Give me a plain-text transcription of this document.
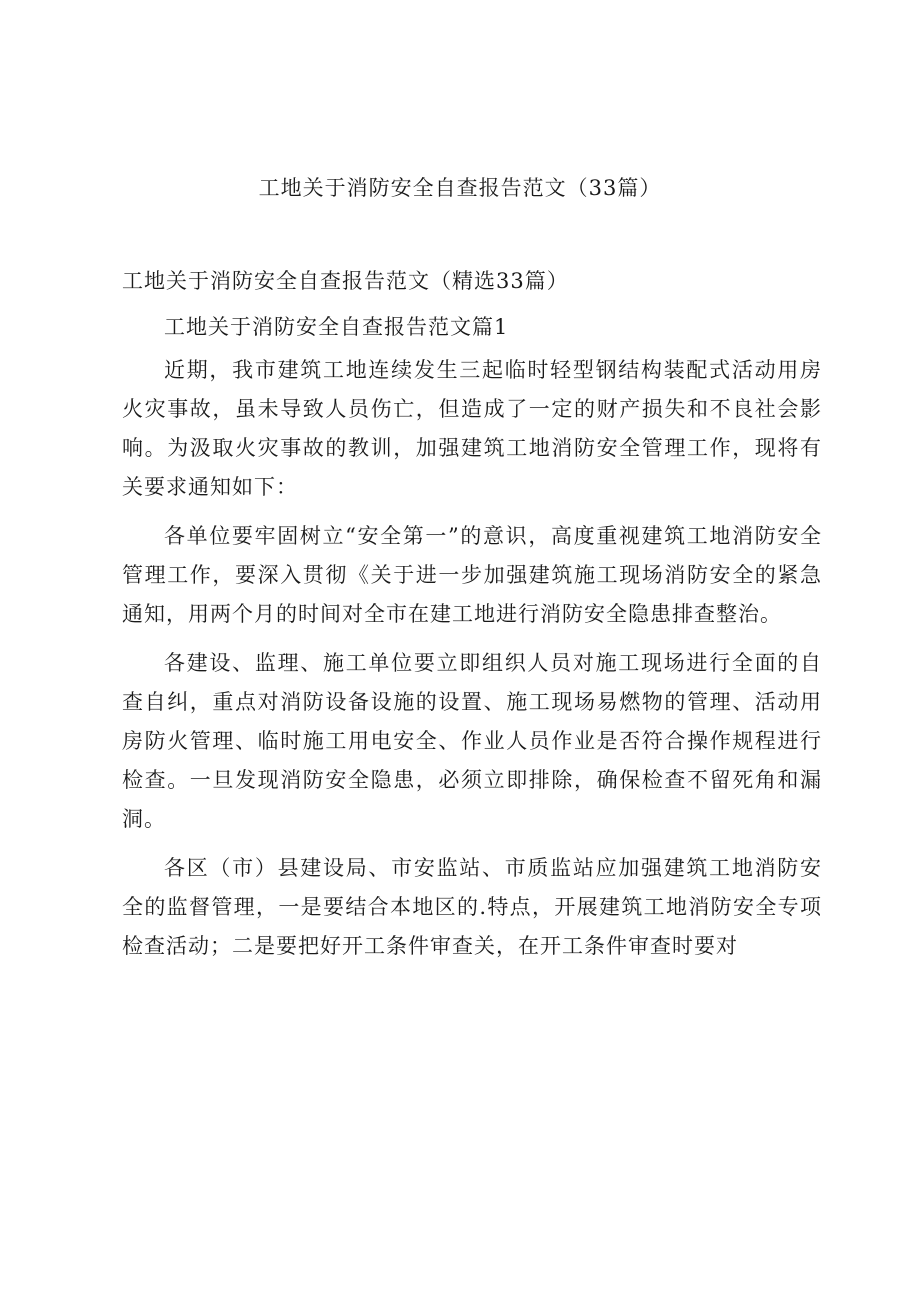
工地关于消防安全自查报告范文（33篇）
工地关于消防安全自查报告范文（精选33篇）

工地关于消防安全自查报告范文篇1

近期，我市建筑工地连续发生三起临时轻型钢结构装配式活动用房火灾事故，虽未导致人员伤亡，但造成了一定的财产损失和不良社会影响。为汲取火灾事故的教训，加强建筑工地消防安全管理工作，现将有关要求通知如下：

各单位要牢固树立“安全第一”的意识，高度重视建筑工地消防安全管理工作，要深入贯彻《关于进一步加强建筑施工现场消防安全的紧急通知，用两个月的时间对全市在建工地进行消防安全隐患排查整治。

各建设、监理、施工单位要立即组织人员对施工现场进行全面的自查自纠，重点对消防设备设施的设置、施工现场易燃物的管理、活动用房防火管理、临时施工用电安全、作业人员作业是否符合操作规程进行检查。一旦发现消防安全隐患，必须立即排除，确保检查不留死角和漏洞。

各区（市）县建设局、市安监站、市质监站应加强建筑工地消防安全的监督管理，一是要结合本地区的.特点，开展建筑工地消防安全专项检查活动；二是要把好开工条件审查关，在开工条件审查时要对
